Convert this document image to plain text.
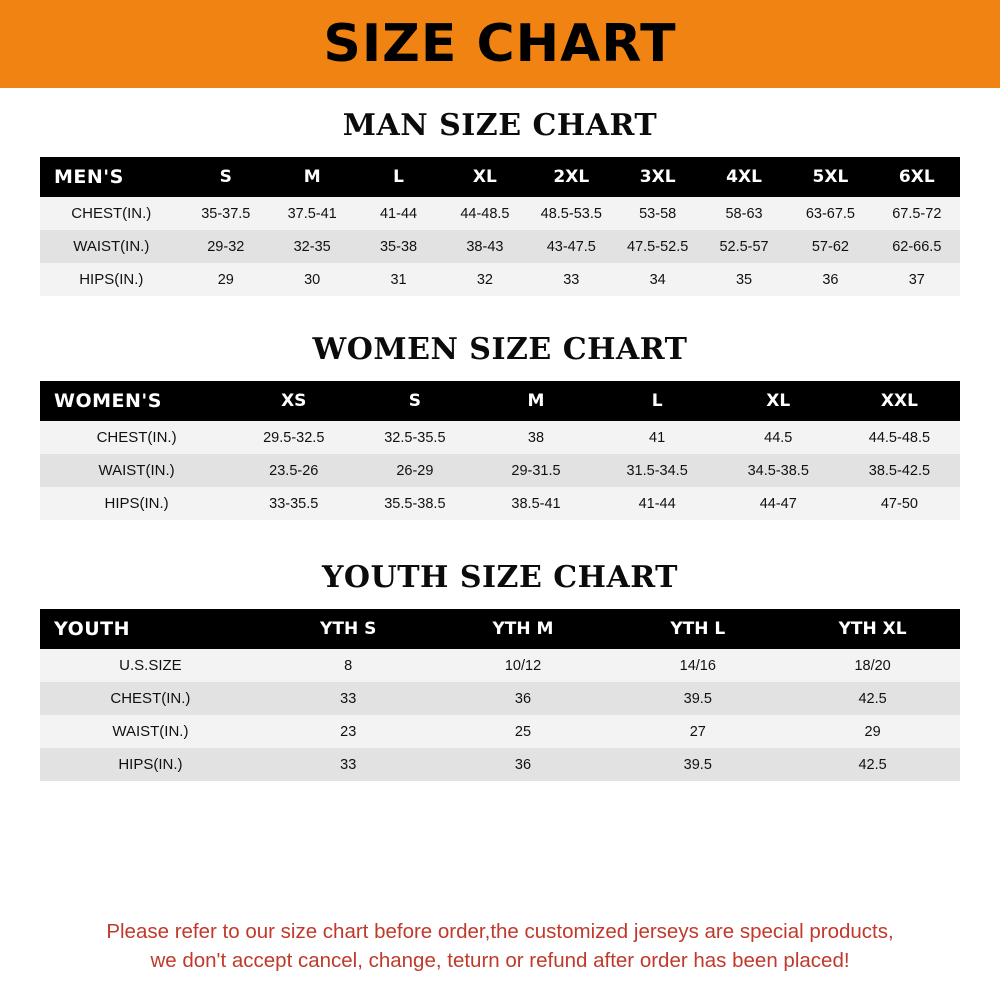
SIZE CHART
MAN SIZE CHART
MEN'S	S	M	L	XL	2XL	3XL	4XL	5XL	6XL
CHEST(IN.)	35-37.5	37.5-41	41-44	44-48.5	48.5-53.5	53-58	58-63	63-67.5	67.5-72
WAIST(IN.)	29-32	32-35	35-38	38-43	43-47.5	47.5-52.5	52.5-57	57-62	62-66.5
HIPS(IN.)	29	30	31	32	33	34	35	36	37
WOMEN SIZE CHART
WOMEN'S	XS	S	M	L	XL	XXL
CHEST(IN.)	29.5-32.5	32.5-35.5	38	41	44.5	44.5-48.5
WAIST(IN.)	23.5-26	26-29	29-31.5	31.5-34.5	34.5-38.5	38.5-42.5
HIPS(IN.)	33-35.5	35.5-38.5	38.5-41	41-44	44-47	47-50
YOUTH SIZE CHART
YOUTH	YTH S	YTH M	YTH L	YTH XL
U.S.SIZE	8	10/12	14/16	18/20
CHEST(IN.)	33	36	39.5	42.5
WAIST(IN.)	23	25	27	29
HIPS(IN.)	33	36	39.5	42.5
Please refer to our size chart before order,the customized jerseys are special products,
we don't accept cancel, change, teturn or refund after order has been placed!
